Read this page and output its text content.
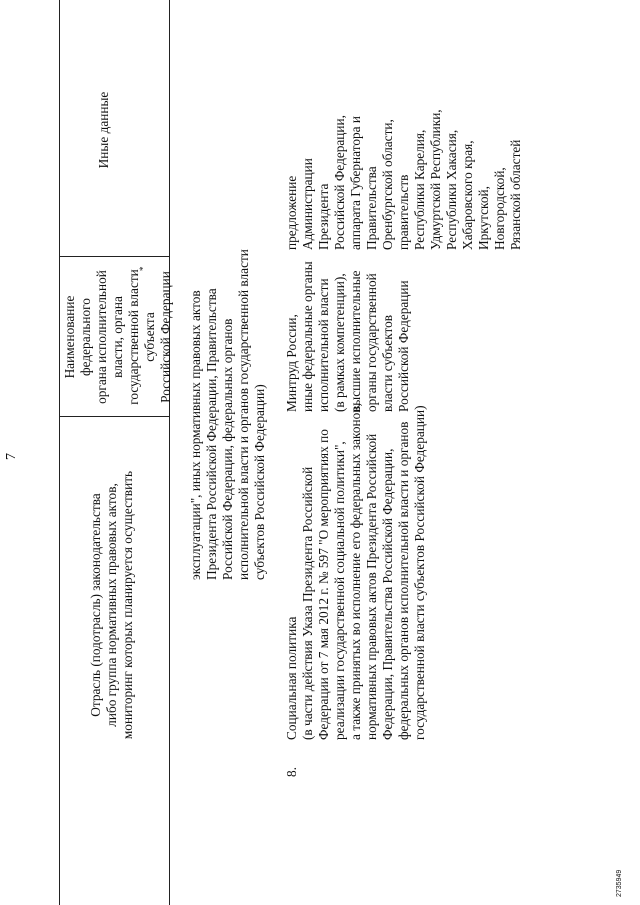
7
Отрасль (подотрасль) законодательства
либо группа нормативных правовых актов,
мониторинг которых планируется осуществить
Наименование федерального
органа исполнительной
власти, органа
государственной власти
субъекта
Российской Федерации
*
Иные данные
эксплуатации", иных нормативных правовых актов
Президента Российской Федерации, Правительства
Российской Федерации, федеральных органов
исполнительной власти и органов государственной власти
субъектов Российской Федерации)
8.
Социальная политика
(в части действия Указа Президента Российской
Федерации от 7 мая 2012 г. № 597 "О мероприятиях по
реализации государственной социальной политики",
а также принятых во исполнение его федеральных законов,
нормативных правовых актов Президента Российской
Федерации, Правительства Российской Федерации,
федеральных органов исполнительной власти и органов
государственной власти субъектов Российской Федерации)
Минтруд России,
иные федеральные органы
исполнительной власти
(в рамках компетенции),
высшие исполнительные
органы государственной
власти субъектов
Российской Федерации
предложение
Администрации
Президента
Российской Федерации,
аппарата Губернатора и
Правительства
Оренбургской области,
правительств
Республики Карелия,
Удмуртской Республики,
Республики Хакасия,
Хабаровского края,
Иркутской,
Новгородской,
Рязанской областей
2735949
